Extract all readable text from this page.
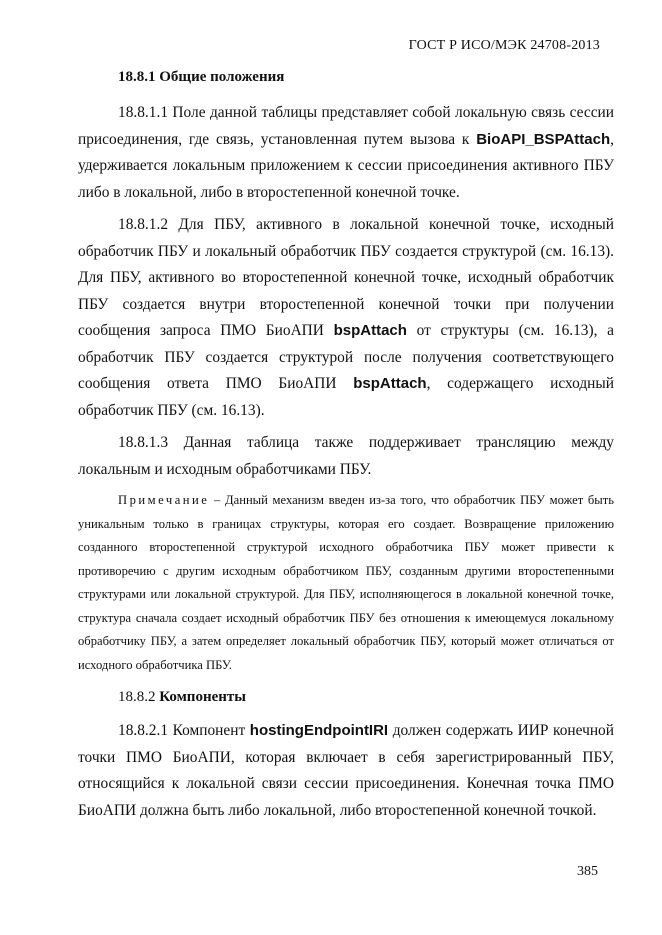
ГОСТ Р ИСО/МЭК 24708-2013
18.8.1 Общие положения

18.8.1.1 Поле данной таблицы представляет собой локальную связь сессии присоединения, где связь, установленная путем вызова к BioAPI_BSPAttach, удерживается локальным приложением к сессии присоединения активного ПБУ либо в локальной, либо в второстепенной конечной точке.

18.8.1.2 Для ПБУ, активного в локальной конечной точке, исходный обработчик ПБУ и локальный обработчик ПБУ создается структурой (см. 16.13). Для ПБУ, активного во второстепенной конечной точке, исходный обработчик ПБУ создается внутри второстепенной конечной точки при получении сообщения запроса ПМО БиоАПИ bspAttach от структуры (см. 16.13), а обработчик ПБУ создается структурой после получения соответствующего сообщения ответа ПМО БиоАПИ bspAttach, содержащего исходный обработчик ПБУ (см. 16.13).

18.8.1.3 Данная таблица также поддерживает трансляцию между локальным и исходным обработчиками ПБУ.

Примечание – Данный механизм введен из-за того, что обработчик ПБУ может быть уникальным только в границах структуры, которая его создает. Возвращение приложению созданного второстепенной структурой исходного обработчика ПБУ может привести к противоречию с другим исходным обработчиком ПБУ, созданным другими второстепенными структурами или локальной структурой. Для ПБУ, исполняющегося в локальной конечной точке, структура сначала создает исходный обработчик ПБУ без отношения к имеющемуся локальному обработчику ПБУ, а затем определяет локальный обработчик ПБУ, который может отличаться от исходного обработчика ПБУ.

18.8.2 Компоненты

18.8.2.1 Компонент hostingEndpointIRI должен содержать ИИР конечной точки ПМО БиоАПИ, которая включает в себя зарегистрированный ПБУ, относящийся к локальной связи сессии присоединения. Конечная точка ПМО БиоАПИ должна быть либо локальной, либо второстепенной конечной точкой.

385
